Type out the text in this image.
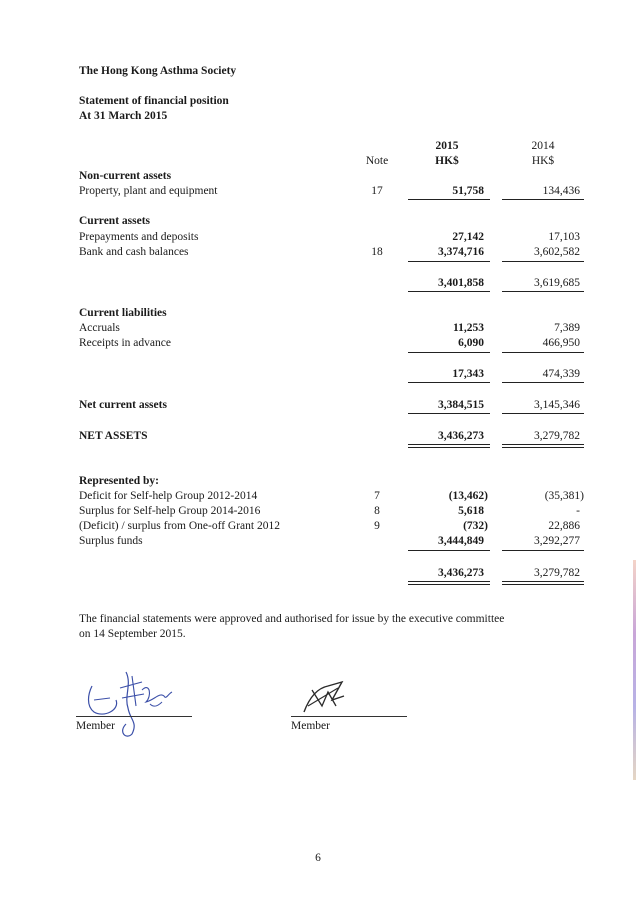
The Hong Kong Asthma Society
Statement of financial position
At 31 March 2015
2015	2014
Note	HK$	HK$
Non-current assets
Property, plant and equipment	17	51,758	134,436
Current assets
Prepayments and deposits	27,142	17,103
Bank and cash balances	18	3,374,716	3,602,582
3,401,858	3,619,685
Current liabilities
Accruals	11,253	7,389
Receipts in advance	6,090	466,950
17,343	474,339
Net current assets	3,384,515	3,145,346
NET ASSETS	3,436,273	3,279,782
Represented by:
Deficit for Self-help Group 2012-2014	7	(13,462)	(35,381)
Surplus for Self-help Group 2014-2016	8	5,618	-
(Deficit) / surplus from One-off Grant 2012	9	(732)	22,886
Surplus funds	3,444,849	3,292,277
3,436,273	3,279,782
The financial statements were approved and authorised for issue by the executive committee
on 14 September 2015.
Member	Member
6
